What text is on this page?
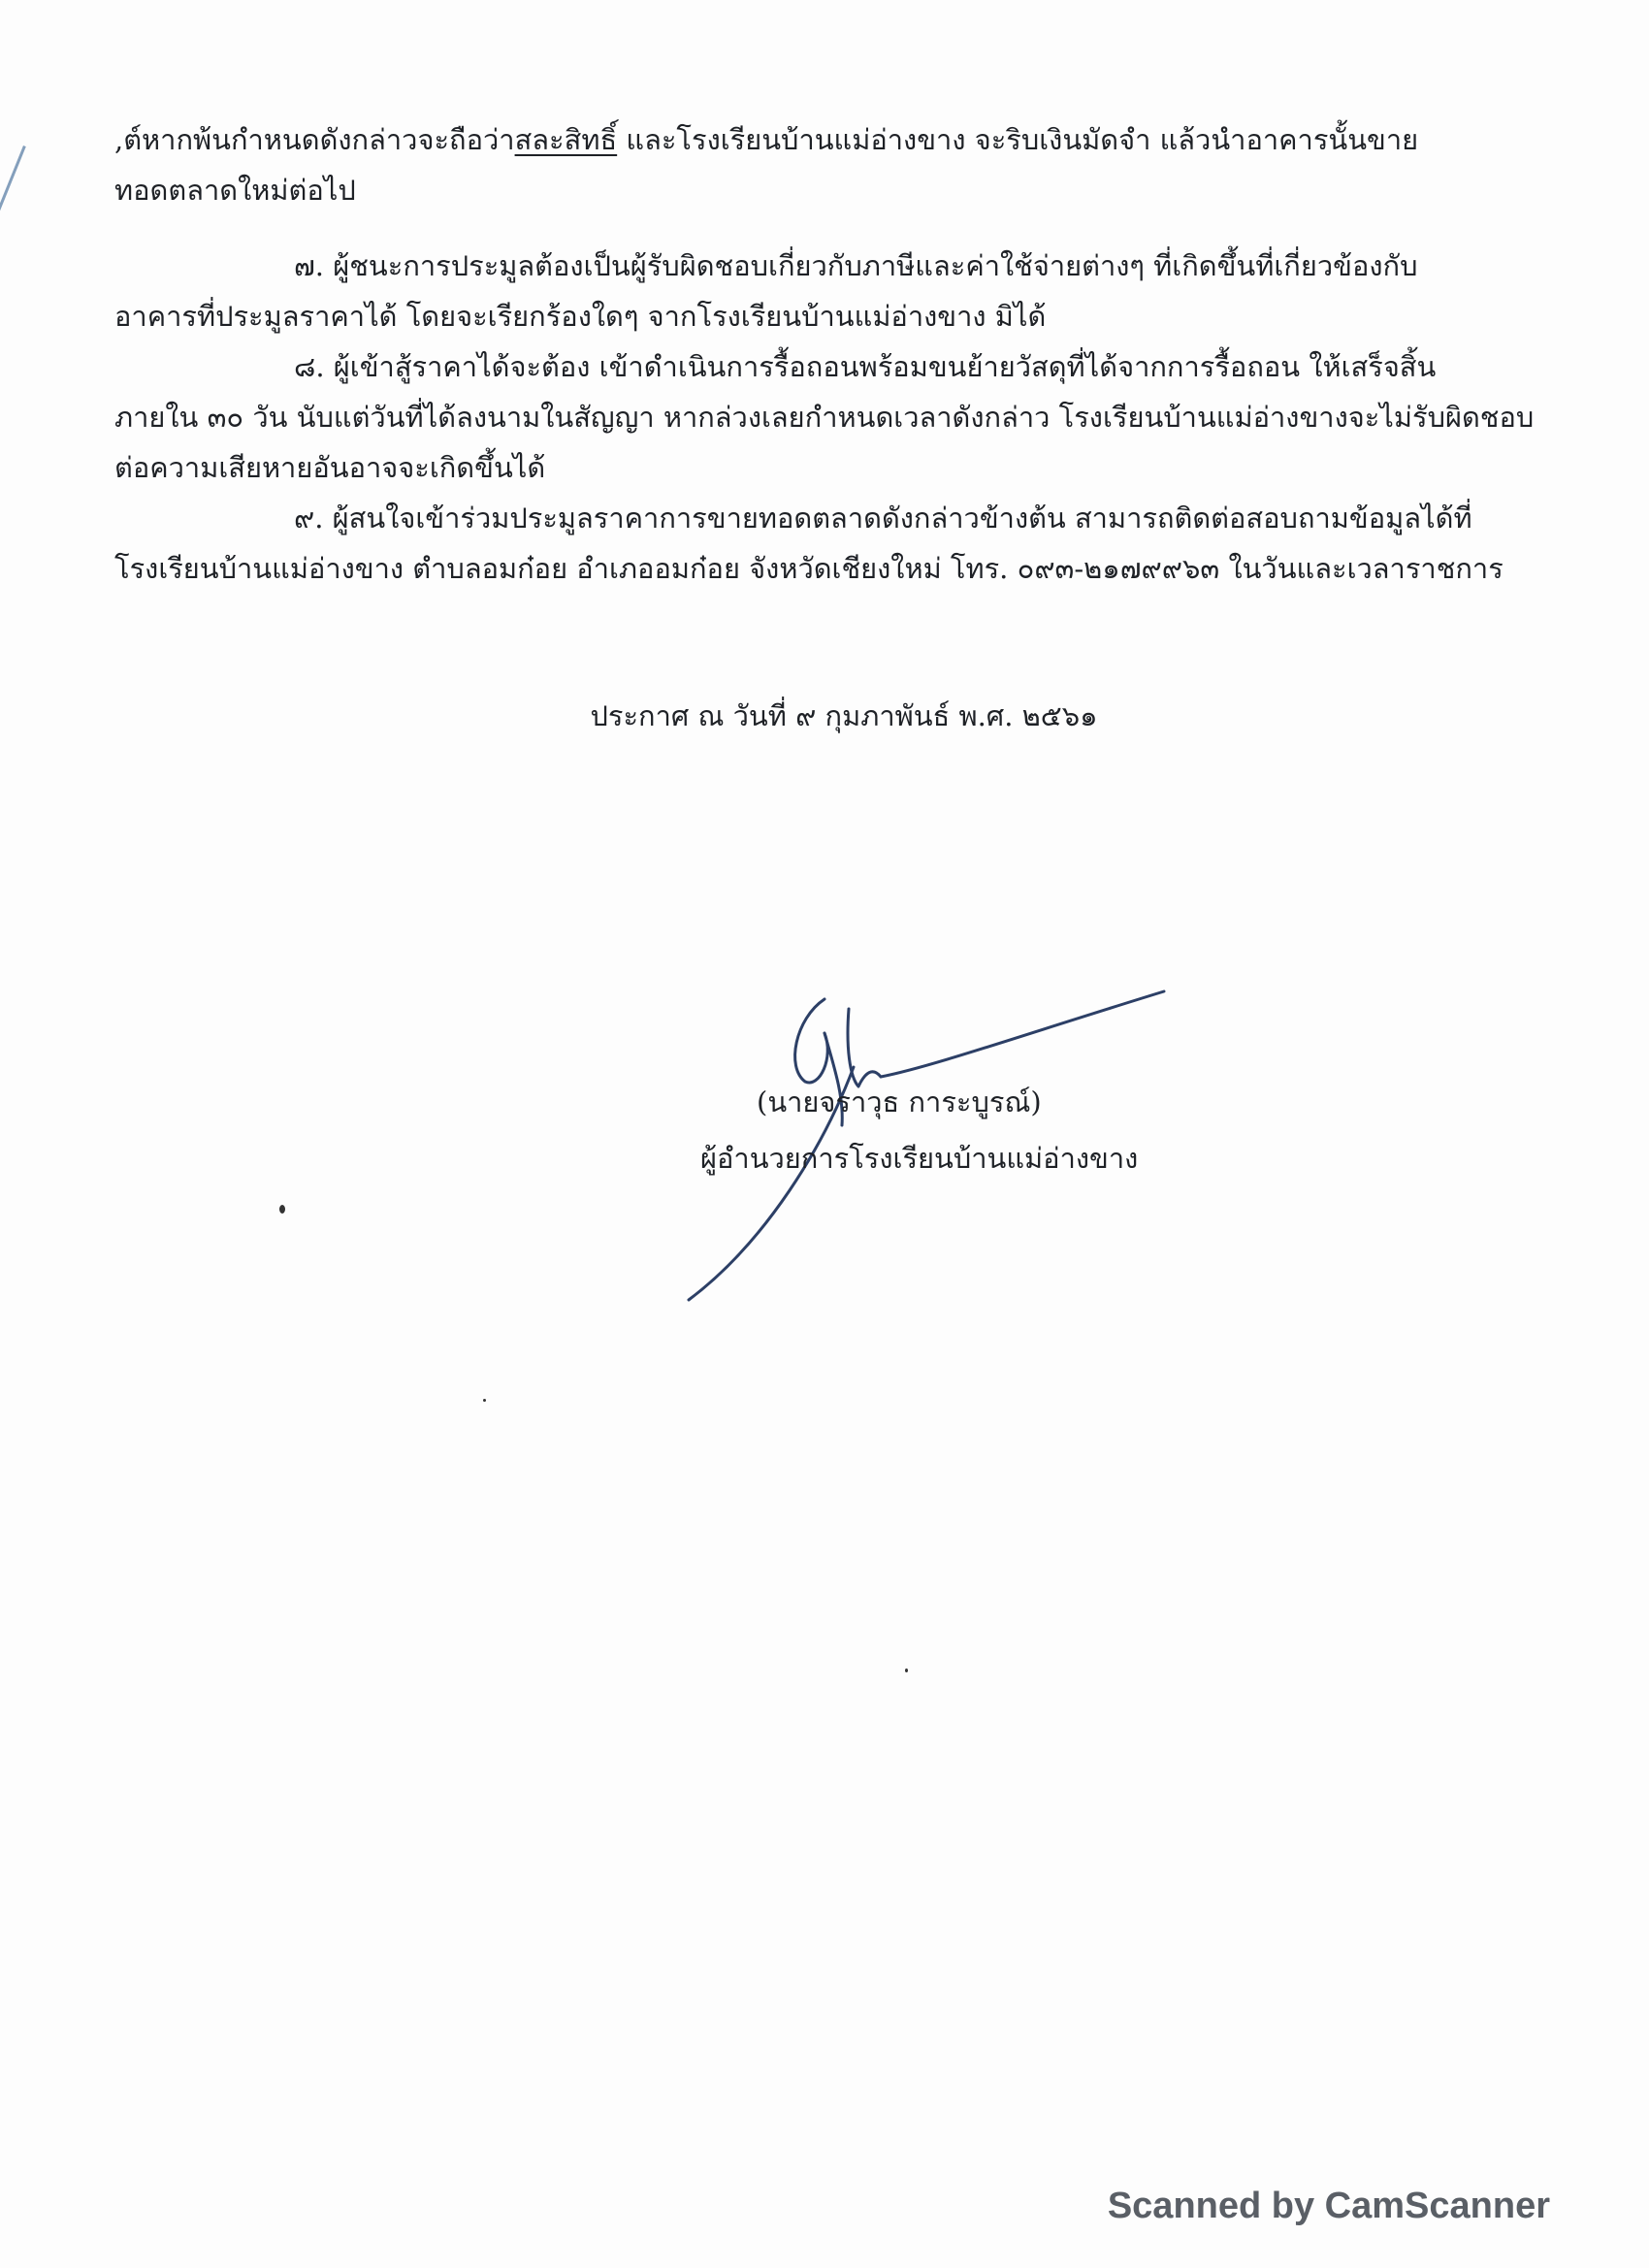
,ต์หากพ้นกำหนดดังกล่าวจะถือว่าสละสิทธิ์ และโรงเรียนบ้านแม่อ่างขาง จะริบเงินมัดจำ แล้วนำอาคารนั้นขาย

ทอดตลาดใหม่ต่อไป

๗. ผู้ชนะการประมูลต้องเป็นผู้รับผิดชอบเกี่ยวกับภาษีและค่าใช้จ่ายต่างๆ ที่เกิดขึ้นที่เกี่ยวข้องกับ

อาคารที่ประมูลราคาได้ โดยจะเรียกร้องใดๆ จากโรงเรียนบ้านแม่อ่างขาง มิได้

๘. ผู้เข้าสู้ราคาได้จะต้อง เข้าดำเนินการรื้อถอนพร้อมขนย้ายวัสดุที่ได้จากการรื้อถอน ให้เสร็จสิ้น

ภายใน ๓๐ วัน นับแต่วันที่ได้ลงนามในสัญญา หากล่วงเลยกำหนดเวลาดังกล่าว โรงเรียนบ้านแม่อ่างขางจะไม่รับผิดชอบ

ต่อความเสียหายอันอาจจะเกิดขึ้นได้

๙. ผู้สนใจเข้าร่วมประมูลราคาการขายทอดตลาดดังกล่าวข้างต้น สามารถติดต่อสอบถามข้อมูลได้ที่

โรงเรียนบ้านแม่อ่างขาง ตำบลอมก๋อย อำเภออมก๋อย จังหวัดเชียงใหม่ โทร. ๐๙๓-๒๑๗๙๙๖๓ ในวันและเวลาราชการ

ประกาศ ณ วันที่ ๙ กุมภาพันธ์ พ.ศ. ๒๕๖๑
(นายจราวุธ การะบูรณ์)
ผู้อำนวยการโรงเรียนบ้านแม่อ่างขาง
Scanned by CamScanner
